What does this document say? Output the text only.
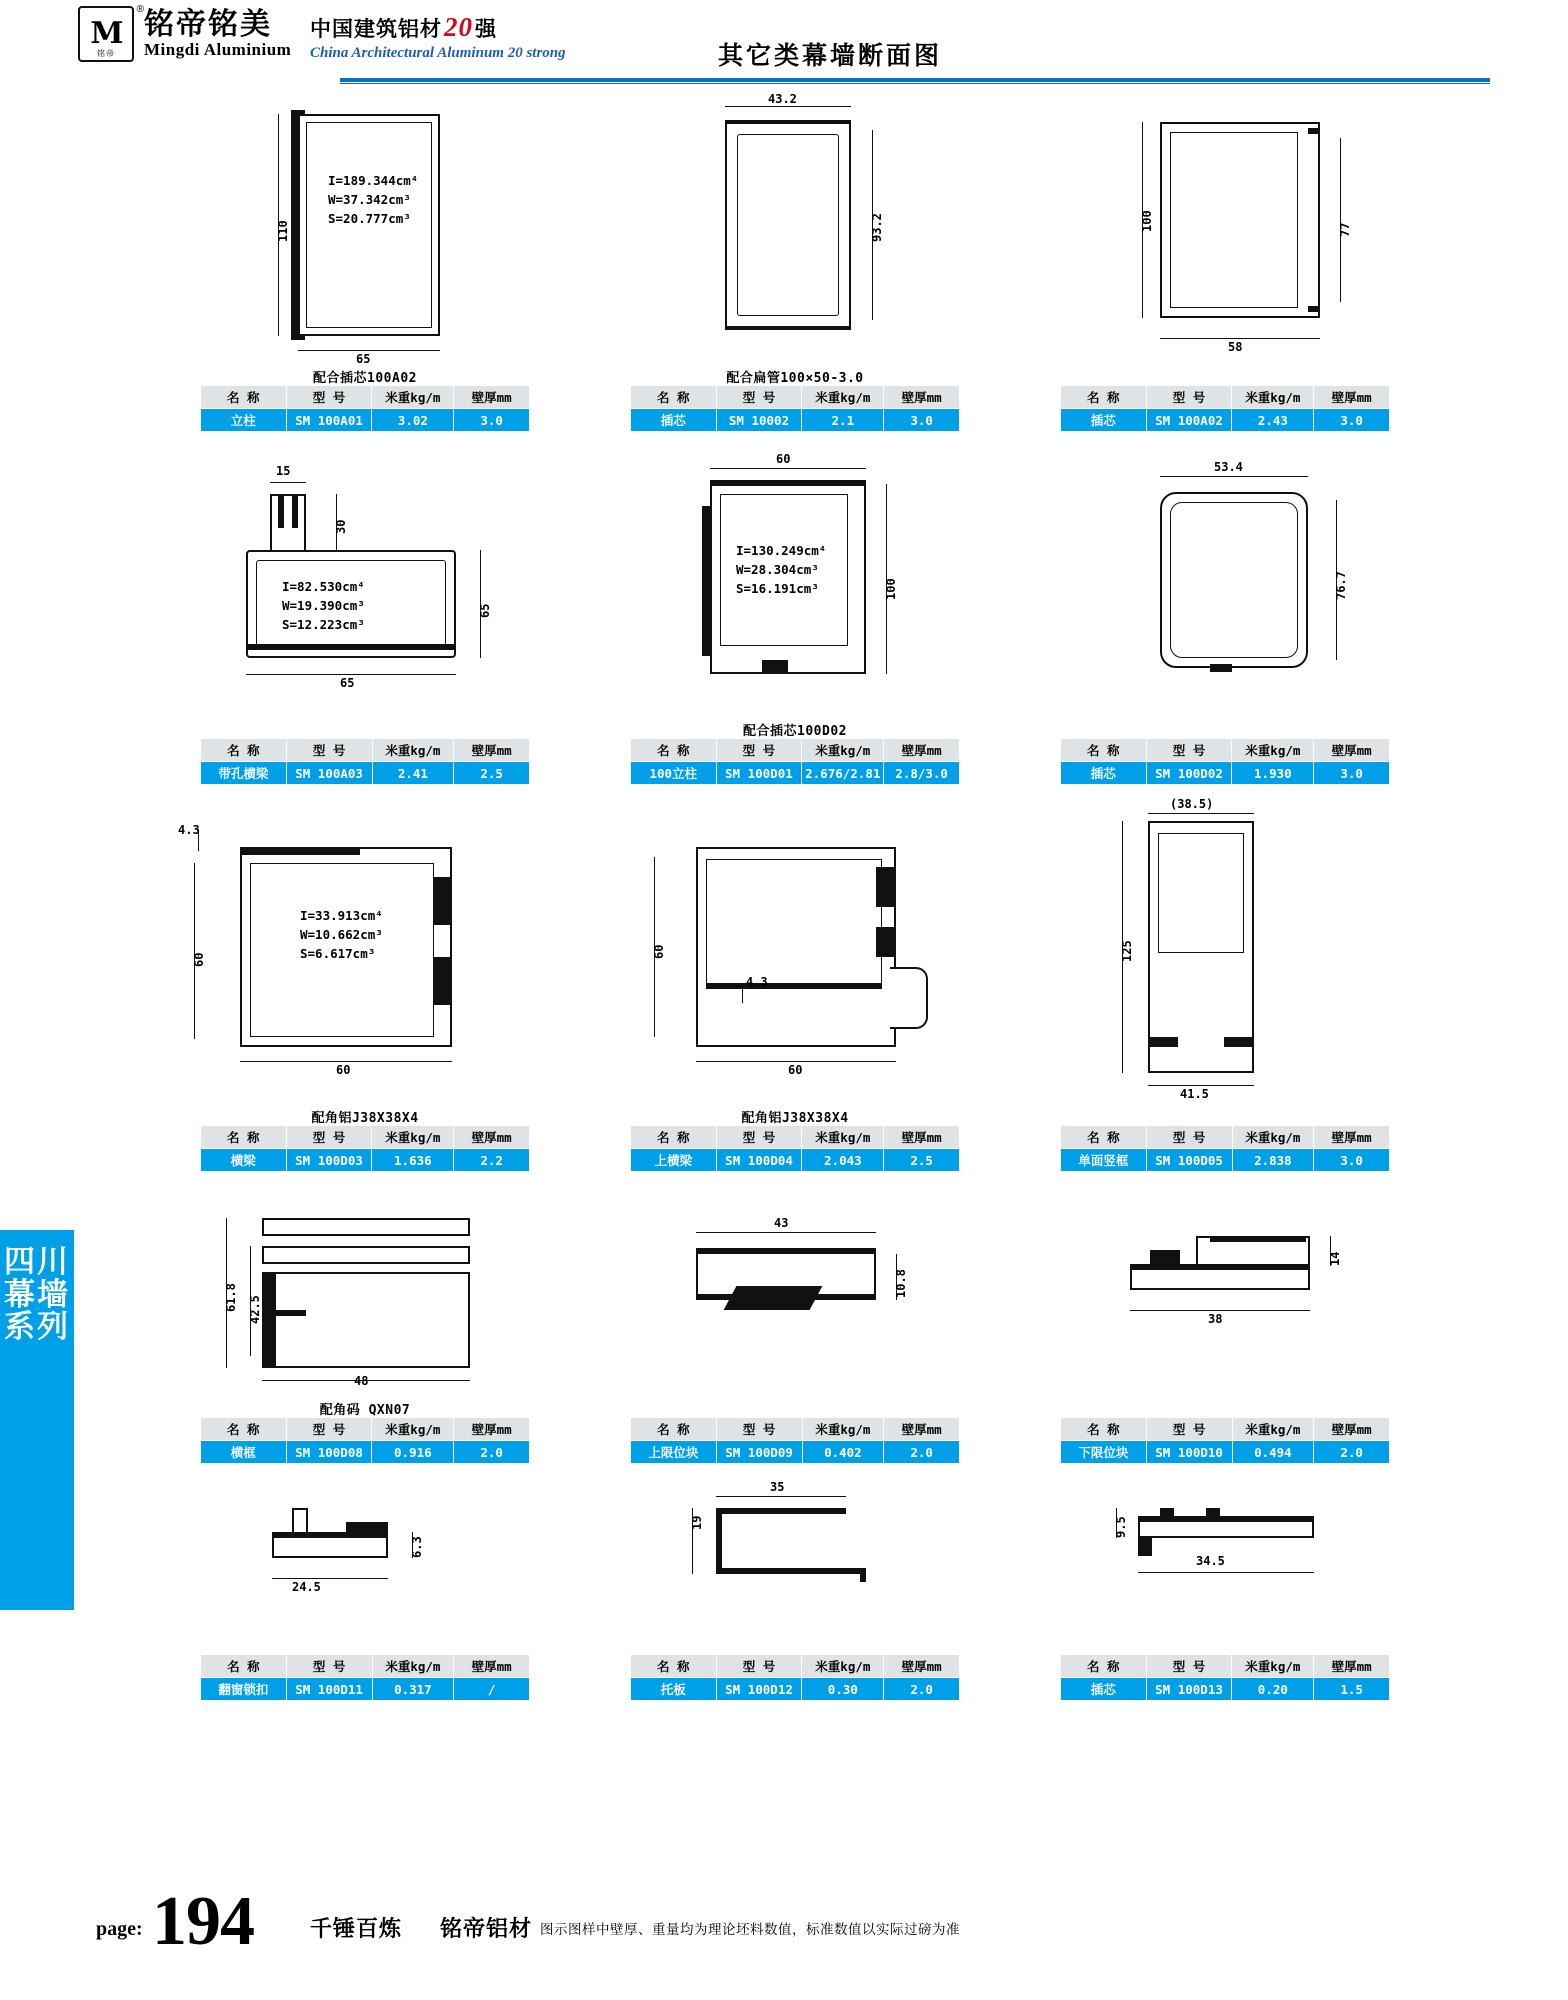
M
铭帝
® 铭帝铭美
Mingdi Aluminium
中国建筑铝材20强
China Architectural Aluminum 20 strong	其它类幕墙断面图
四川幕墙系列
I=189.344cm⁴
W=37.342cm³
S=20.777cm³
110
65
配合插芯100A02
名 称	型 号	米重kg/m	壁厚mm
立柱	SM 100A01	3.02	3.0
43.2
93.2
配合扁管100×50-3.0
名 称	型 号	米重kg/m	壁厚mm
插芯	SM 10002	2.1	3.0
100	77
58
名 称	型 号	米重kg/m	壁厚mm
插芯	SM 100A02	2.43	3.0
I=82.530cm⁴
W=19.390cm³
S=12.223cm³
15
30
65
65
名 称	型 号	米重kg/m	壁厚mm
带孔横梁	SM 100A03	2.41	2.5
60
I=130.249cm⁴
W=28.304cm³
S=16.191cm³	100
配合插芯100D02
名 称	型 号	米重kg/m	壁厚mm
100立柱	SM 100D01	2.676/2.81	2.8/3.0
53.4
76.7
名 称	型 号	米重kg/m	壁厚mm
插芯	SM 100D02	1.930	3.0
I=33.913cm⁴
W=10.662cm³
S=6.617cm³
4.3
60
60
配角铝J38X38X4
名 称	型 号	米重kg/m	壁厚mm
横梁	SM 100D03	1.636	2.2
60
4.3
60
配角铝J38X38X4
名 称	型 号	米重kg/m	壁厚mm
上横梁	SM 100D04	2.043	2.5
(38.5)
125
41.5
名 称	型 号	米重kg/m	壁厚mm
单面竖框	SM 100D05	2.838	3.0
61.8 42.5
48
配角码 QXN07
名 称	型 号	米重kg/m	壁厚mm
横框	SM 100D08	0.916	2.0
43
10.8
名 称	型 号	米重kg/m	壁厚mm
上限位块	SM 100D09	0.402	2.0
14
38
名 称	型 号	米重kg/m	壁厚mm
下限位块	SM 100D10	0.494	2.0
24.5
6.3
名 称	型 号	米重kg/m	壁厚mm
翻窗锁扣	SM 100D11	0.317	/
35
19
名 称	型 号	米重kg/m	壁厚mm
托板	SM 100D12	0.30	2.0
9.5
34.5
名 称	型 号	米重kg/m	壁厚mm
插芯	SM 100D13	0.20	1.5
page: 194	千锤百炼 铭帝铝材 图示图样中壁厚、重量均为理论坯料数值，标准数值以实际过磅为准
